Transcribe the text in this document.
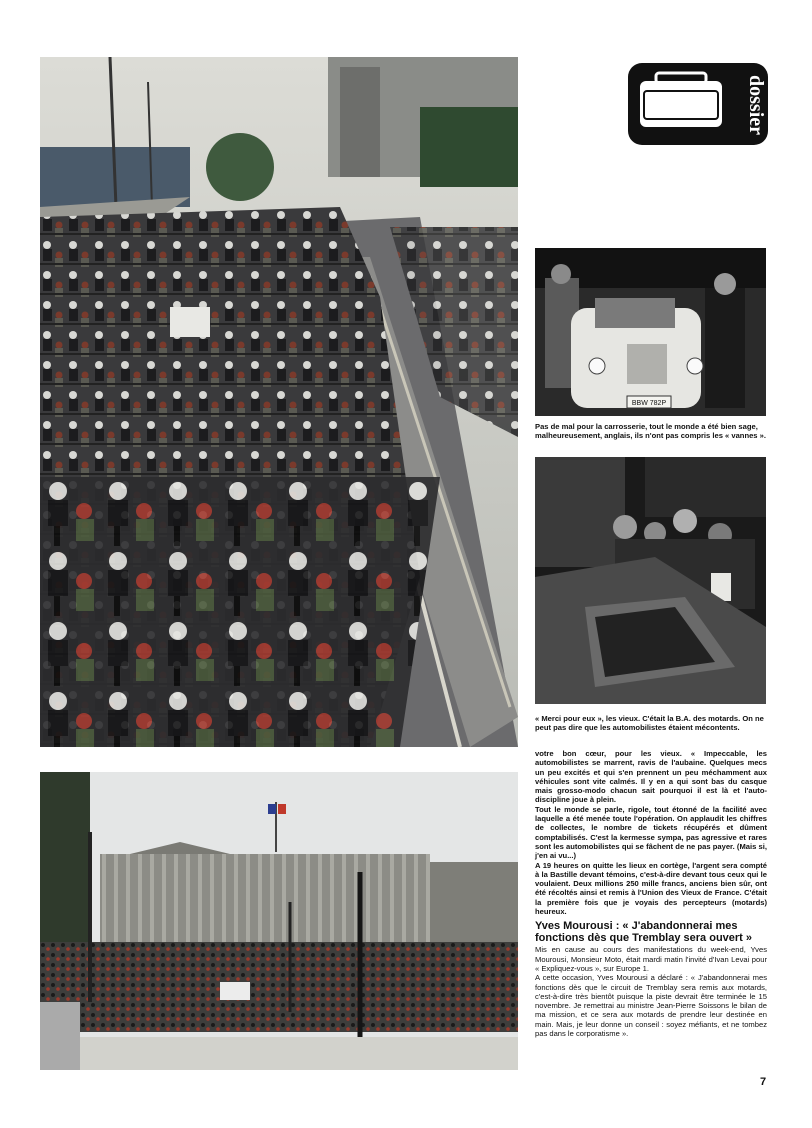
dossier
BBW 782P
Pas de mal pour la carrosserie, tout le monde a été bien sage, malheureusement, anglais, ils n'ont pas compris les « vannes ».
« Merci pour eux », les vieux. C'était la B.A. des motards. On ne peut pas dire que les automobilistes étaient mécontents.

votre bon cœur, pour les vieux. « Impeccable, les automobilistes se marrent, ravis de l'aubaine. Quelques mecs un peu excités et qui s'en prennent un peu méchamment aux véhicules sont vite calmés. Il y en a qui sont bas du casque mais grosso-modo chacun sait pourquoi il est là et l'auto-discipline joue à plein.

Tout le monde se parle, rigole, tout étonné de la facilité avec laquelle a été menée toute l'opération. On applaudit les chiffres de collectes, le nombre de tickets récupérés et dûment comptabilisés. C'est la kermesse sympa, pas agressive et rares sont les automobilistes qui se fâchent de ne pas payer. (Mais si, j'en ai vu...)

A 19 heures on quitte les lieux en cortège, l'argent sera compté à la Bastille devant témoins, c'est-à-dire devant tous ceux qui le voulaient. Deux millions 250 mille francs, anciens bien sûr, ont été récoltés ainsi et remis à l'Union des Vieux de France. C'était la première fois que je voyais des percepteurs (motards) heureux.

Yves Mourousi : « J'abandonnerai mes fonctions dès que Tremblay sera ouvert »

Mis en cause au cours des manifestations du week-end, Yves Mourousi, Monsieur Moto, était mardi matin l'invité d'Ivan Levai pour « Expliquez-vous », sur Europe 1.

A cette occasion, Yves Mourousi a déclaré : « J'abandonnerai mes fonctions dès que le circuit de Tremblay sera remis aux motards, c'est-à-dire très bientôt puisque la piste devrait être terminée le 15 novembre. Je remettrai au ministre Jean-Pierre Soissons le bilan de ma mission, et ce sera aux motards de prendre leur destinée en main. Mais, je leur donne un conseil : soyez méfiants, et ne tombez pas dans le corporatisme ».

7
